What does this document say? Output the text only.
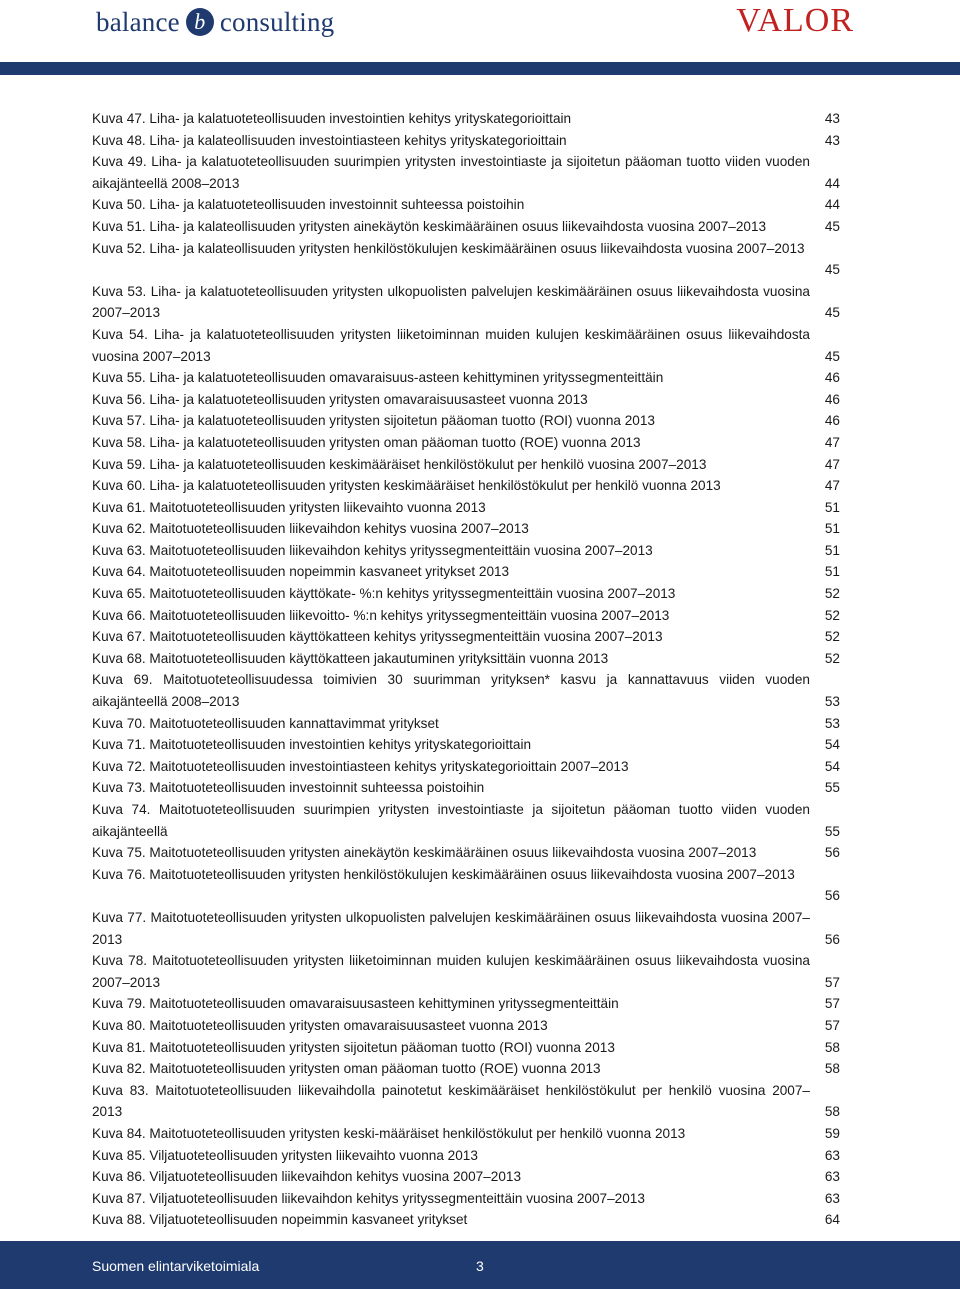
balance b consulting	VALOR
Kuva 47. Liha- ja kalatuoteteollisuuden investointien kehitys yrityskategorioittain	43
Kuva 48. Liha- ja kalateollisuuden investointiasteen kehitys yrityskategorioittain	43
Kuva 49. Liha- ja kalatuoteteollisuuden suurimpien yritysten investointiaste ja sijoitetun pääoman tuotto viiden vuoden aikajänteellä 2008–2013	44
Kuva 50. Liha- ja kalatuoteteollisuuden investoinnit suhteessa poistoihin	44
Kuva 51. Liha- ja kalateollisuuden yritysten ainekäytön keskimääräinen osuus liikevaihdosta vuosina 2007–2013	45
Kuva 52. Liha- ja kalateollisuuden yritysten henkilöstökulujen keskimääräinen osuus liikevaihdosta vuosina 2007–2013
45
Kuva 53. Liha- ja kalatuoteteollisuuden yritysten ulkopuolisten palvelujen keskimääräinen osuus liikevaihdosta vuosina 2007–2013	45
Kuva 54. Liha- ja kalatuoteteollisuuden yritysten liiketoiminnan muiden kulujen keskimääräinen osuus liikevaihdosta vuosina 2007–2013	45
Kuva 55. Liha- ja kalatuoteteollisuuden omavaraisuus-asteen kehittyminen yrityssegmenteittäin	46
Kuva 56. Liha- ja kalatuoteteollisuuden yritysten omavaraisuusasteet vuonna 2013	46
Kuva 57. Liha- ja kalatuoteteollisuuden yritysten sijoitetun pääoman tuotto (ROI) vuonna 2013	46
Kuva 58. Liha- ja kalatuoteteollisuuden yritysten oman pääoman tuotto (ROE) vuonna 2013	47
Kuva 59. Liha- ja kalatuoteteollisuuden keskimääräiset henkilöstökulut per henkilö vuosina 2007–2013	47
Kuva 60. Liha- ja kalatuoteteollisuuden yritysten keskimääräiset henkilöstökulut per henkilö vuonna 2013	47
Kuva 61. Maitotuoteteollisuuden yritysten liikevaihto vuonna 2013	51
Kuva 62. Maitotuoteteollisuuden liikevaihdon kehitys vuosina 2007–2013	51
Kuva 63. Maitotuoteteollisuuden liikevaihdon kehitys yrityssegmenteittäin vuosina 2007–2013	51
Kuva 64. Maitotuoteteollisuuden nopeimmin kasvaneet yritykset 2013	51
Kuva 65. Maitotuoteteollisuuden käyttökate- %:n kehitys yrityssegmenteittäin vuosina 2007–2013	52
Kuva 66. Maitotuoteteollisuuden liikevoitto- %:n kehitys yrityssegmenteittäin vuosina 2007–2013	52
Kuva 67. Maitotuoteteollisuuden käyttökatteen kehitys yrityssegmenteittäin vuosina 2007–2013	52
Kuva 68. Maitotuoteteollisuuden käyttökatteen jakautuminen yrityksittäin vuonna 2013	52
Kuva 69. Maitotuoteteollisuudessa toimivien 30 suurimman yrityksen* kasvu ja kannattavuus viiden vuoden aikajänteellä 2008–2013	53
Kuva 70. Maitotuoteteollisuuden kannattavimmat yritykset	53
Kuva 71. Maitotuoteteollisuuden investointien kehitys yrityskategorioittain	54
Kuva 72. Maitotuoteteollisuuden investointiasteen kehitys yrityskategorioittain 2007–2013	54
Kuva 73. Maitotuoteteollisuuden investoinnit suhteessa poistoihin	55
Kuva 74. Maitotuoteteollisuuden suurimpien yritysten investointiaste ja sijoitetun pääoman tuotto viiden vuoden aikajänteellä	55
Kuva 75. Maitotuoteteollisuuden yritysten ainekäytön keskimääräinen osuus liikevaihdosta vuosina 2007–2013	56
Kuva 76. Maitotuoteteollisuuden yritysten henkilöstökulujen keskimääräinen osuus liikevaihdosta vuosina 2007–2013
56
Kuva 77. Maitotuoteteollisuuden yritysten ulkopuolisten palvelujen keskimääräinen osuus liikevaihdosta vuosina 2007–2013	56
Kuva 78. Maitotuoteteollisuuden yritysten liiketoiminnan muiden kulujen keskimääräinen osuus liikevaihdosta vuosina 2007–2013	57
Kuva 79. Maitotuoteteollisuuden omavaraisuusasteen kehittyminen yrityssegmenteittäin	57
Kuva 80. Maitotuoteteollisuuden yritysten omavaraisuusasteet vuonna 2013	57
Kuva 81. Maitotuoteteollisuuden yritysten sijoitetun pääoman tuotto (ROI) vuonna 2013	58
Kuva 82. Maitotuoteteollisuuden yritysten oman pääoman tuotto (ROE) vuonna 2013	58
Kuva 83. Maitotuoteteollisuuden liikevaihdolla painotetut keskimääräiset henkilöstökulut per henkilö vuosina 2007–2013	58
Kuva 84. Maitotuoteteollisuuden yritysten keski-määräiset henkilöstökulut per henkilö vuonna 2013	59
Kuva 85. Viljatuoteteollisuuden yritysten liikevaihto vuonna 2013	63
Kuva 86. Viljatuoteteollisuuden liikevaihdon kehitys vuosina 2007–2013	63
Kuva 87. Viljatuoteteollisuuden liikevaihdon kehitys yrityssegmenteittäin vuosina 2007–2013	63
Kuva 88. Viljatuoteteollisuuden nopeimmin kasvaneet yritykset	64
Suomen elintarviketoimiala	3
